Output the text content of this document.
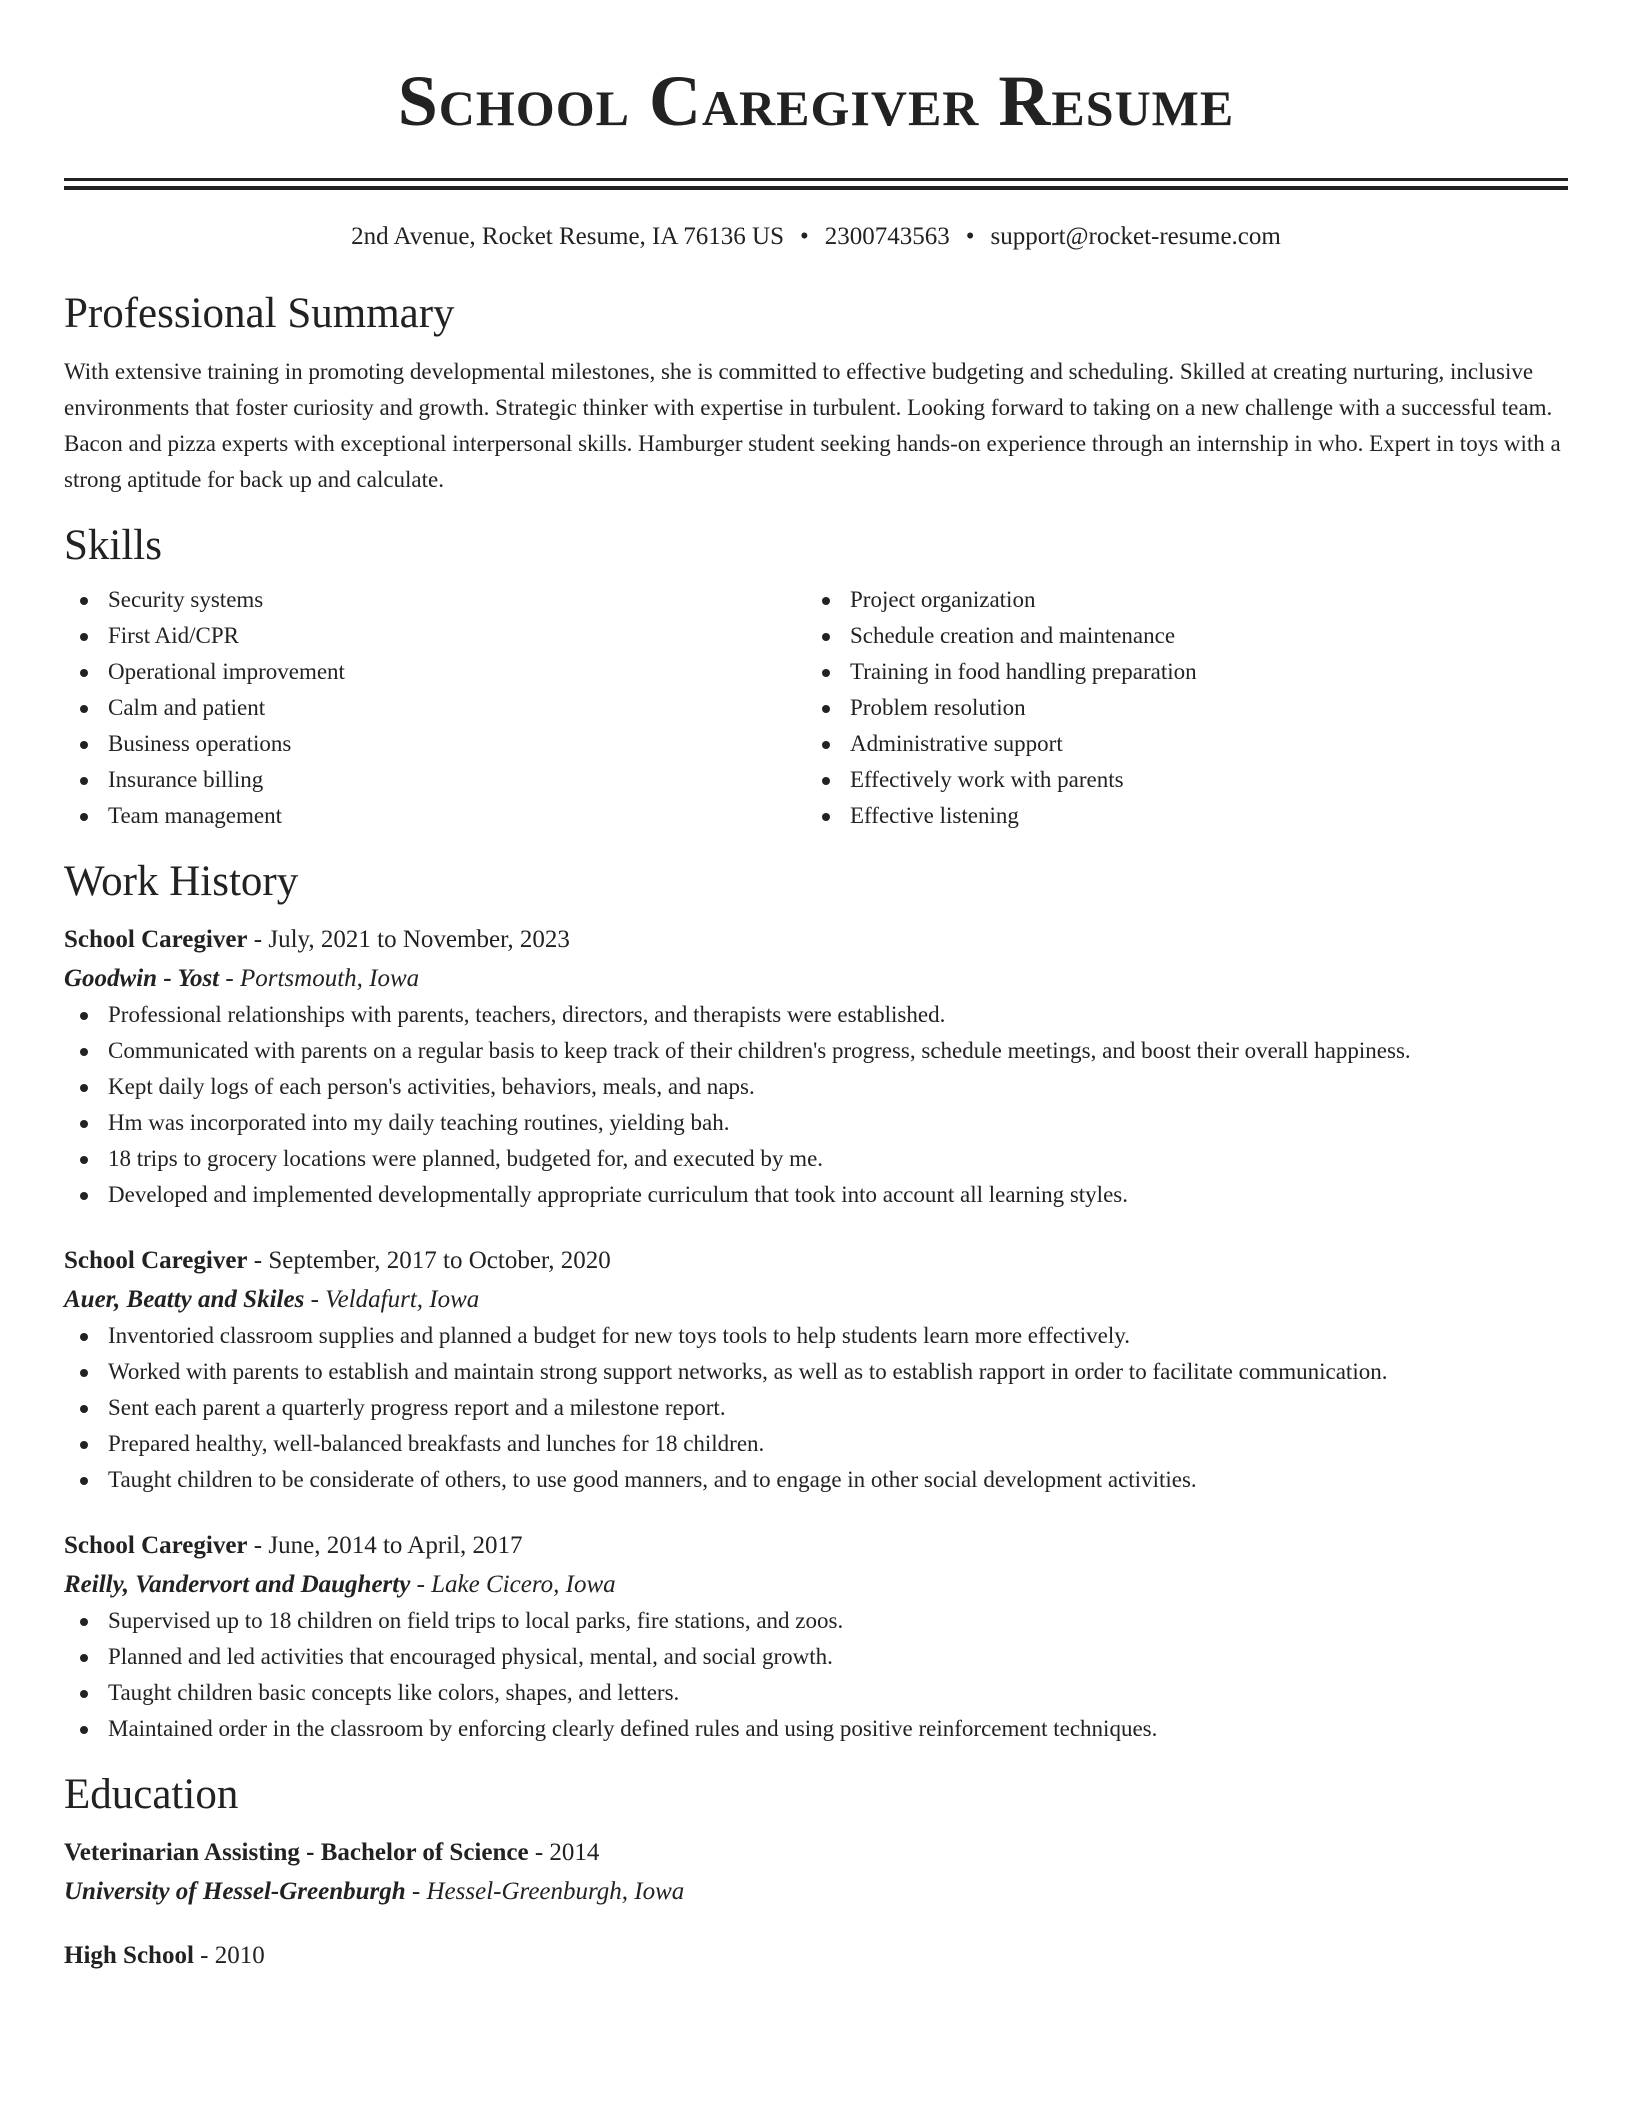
School Caregiver Resume
2nd Avenue, Rocket Resume, IA 76136 US • 2300743563 • support@rocket-resume.com
Professional Summary

With extensive training in promoting developmental milestones, she is committed to effective budgeting and scheduling. Skilled at creating nurturing, inclusive environments that foster curiosity and growth. Strategic thinker with expertise in turbulent. Looking forward to taking on a new challenge with a successful team. Bacon and pizza experts with exceptional interpersonal skills. Hamburger student seeking hands-on experience through an internship in who. Expert in toys with a strong aptitude for back up and calculate.

Skills
Security systems
First Aid/CPR
Operational improvement
Calm and patient
Business operations
Insurance billing
Team management
Project organization
Schedule creation and maintenance
Training in food handling preparation
Problem resolution
Administrative support
Effectively work with parents
Effective listening
Work History
School Caregiver - July, 2021 to November, 2023
Goodwin - Yost - Portsmouth, Iowa
Professional relationships with parents, teachers, directors, and therapists were established.
Communicated with parents on a regular basis to keep track of their children's progress, schedule meetings, and boost their overall happiness.
Kept daily logs of each person's activities, behaviors, meals, and naps.
Hm was incorporated into my daily teaching routines, yielding bah.
18 trips to grocery locations were planned, budgeted for, and executed by me.
Developed and implemented developmentally appropriate curriculum that took into account all learning styles.
School Caregiver - September, 2017 to October, 2020
Auer, Beatty and Skiles - Veldafurt, Iowa
Inventoried classroom supplies and planned a budget for new toys tools to help students learn more effectively.
Worked with parents to establish and maintain strong support networks, as well as to establish rapport in order to facilitate communication.
Sent each parent a quarterly progress report and a milestone report.
Prepared healthy, well-balanced breakfasts and lunches for 18 children.
Taught children to be considerate of others, to use good manners, and to engage in other social development activities.
School Caregiver - June, 2014 to April, 2017
Reilly, Vandervort and Daugherty - Lake Cicero, Iowa
Supervised up to 18 children on field trips to local parks, fire stations, and zoos.
Planned and led activities that encouraged physical, mental, and social growth.
Taught children basic concepts like colors, shapes, and letters.
Maintained order in the classroom by enforcing clearly defined rules and using positive reinforcement techniques.
Education
Veterinarian Assisting - Bachelor of Science - 2014
University of Hessel-Greenburgh - Hessel-Greenburgh, Iowa
High School - 2010
